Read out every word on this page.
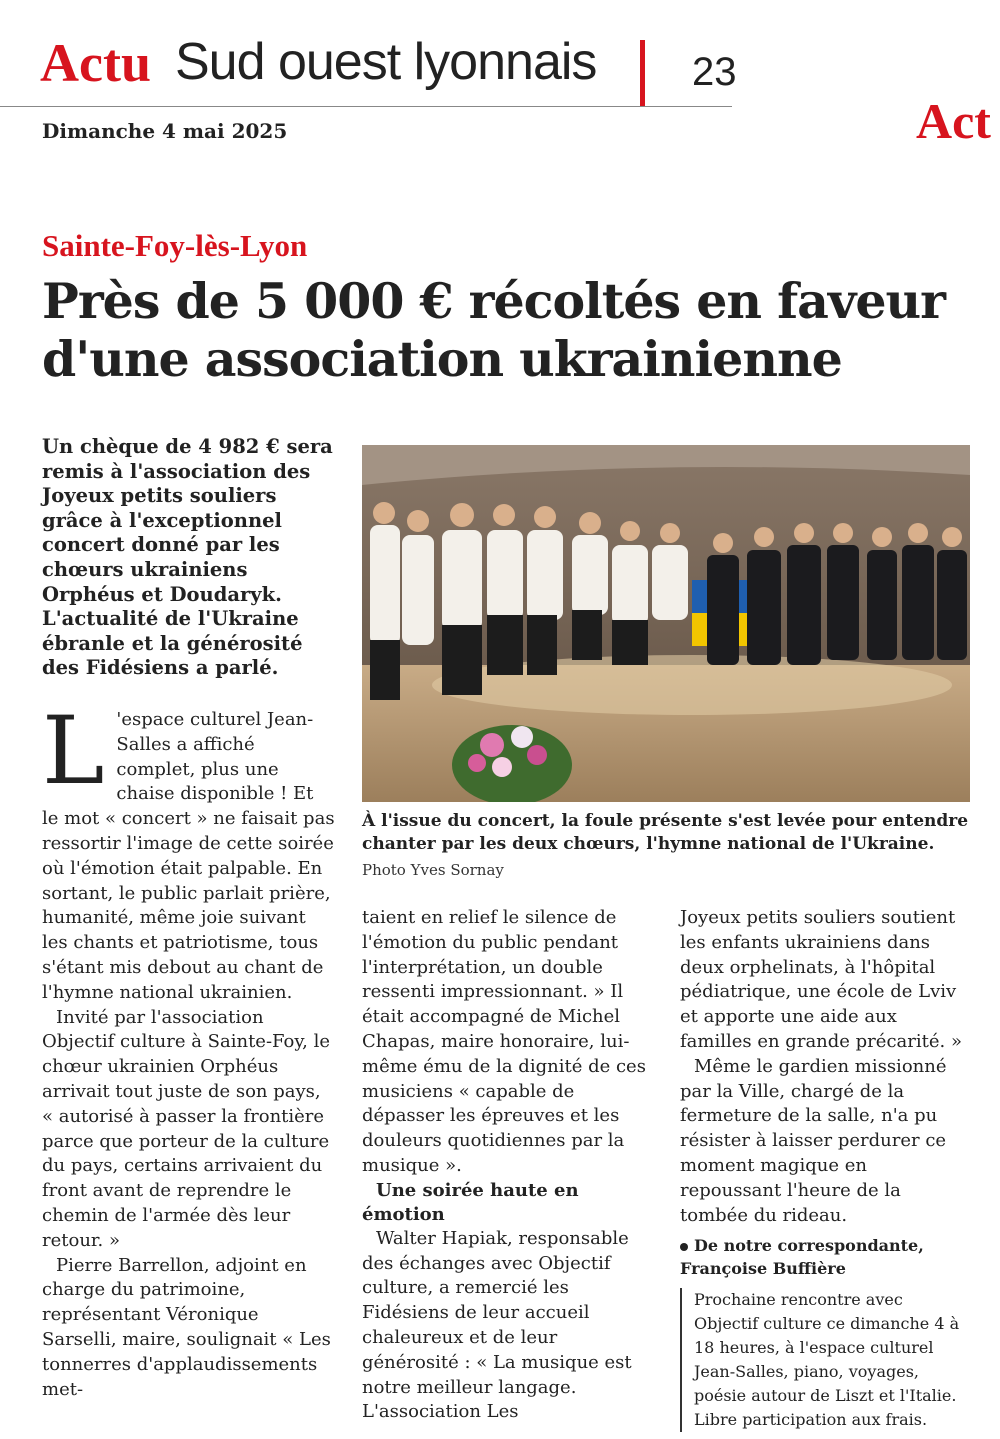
Actu Sud ouest lyonnais 23
Dimanche 4 mai 2025	Act
Sainte-Foy-lès-Lyon
Près de 5 000 € récoltés en faveur d'une association ukrainienne
Un chèque de 4 982 € sera remis à l'association des Joyeux petits souliers grâce à l'exceptionnel concert donné par les chœurs ukrainiens Orphéus et Doudaryk. L'actualité de l'Ukraine ébranle et la générosité des Fidésiens a parlé.
À l'issue du concert, la foule présente s'est levée pour entendre chanter par les deux chœurs, l'hymne national de l'Ukraine.
Photo Yves Sornay
L 'espace culturel Jean-Salles a affiché complet, plus une chaise disponible ! Et le mot « concert » ne faisait pas ressortir l'image de cette soirée où l'émotion était palpable. En sortant, le public parlait prière, humanité, même joie suivant les chants et patriotisme, tous s'étant mis debout au chant de l'hymne national ukrainien.

Invité par l'association Objectif culture à Sainte-Foy, le chœur ukrainien Orphéus arrivait tout juste de son pays, « autorisé à passer la frontière parce que porteur de la culture du pays, certains arrivaient du front avant de reprendre le chemin de l'armée dès leur retour. »

Pierre Barrellon, adjoint en charge du patrimoine, représentant Véronique Sarselli, maire, soulignait « Les tonnerres d'applaudissements met-

taient en relief le silence de l'émotion du public pendant l'interprétation, un double ressenti impressionnant. » Il était accompagné de Michel Chapas, maire honoraire, lui-même ému de la dignité de ces musiciens « capable de dépasser les épreuves et les douleurs quotidiennes par la musique ».

Une soirée haute en émotion

Walter Hapiak, responsable des échanges avec Objectif culture, a remercié les Fidésiens de leur accueil chaleureux et de leur générosité : « La musique est notre meilleur langage. L'association Les

Joyeux petits souliers soutient les enfants ukrainiens dans deux orphelinats, à l'hôpital pédiatrique, une école de Lviv et apporte une aide aux familles en grande précarité. »

Même le gardien missionné par la Ville, chargé de la fermeture de la salle, n'a pu résister à laisser perdurer ce moment magique en repoussant l'heure de la tombée du rideau.

De notre correspondante,
Françoise Buffière
Prochaine rencontre avec Objectif culture ce dimanche 4 à 18 heures, à l'espace culturel Jean-Salles, piano, voyages, poésie autour de Liszt et l'Italie. Libre participation aux frais.
